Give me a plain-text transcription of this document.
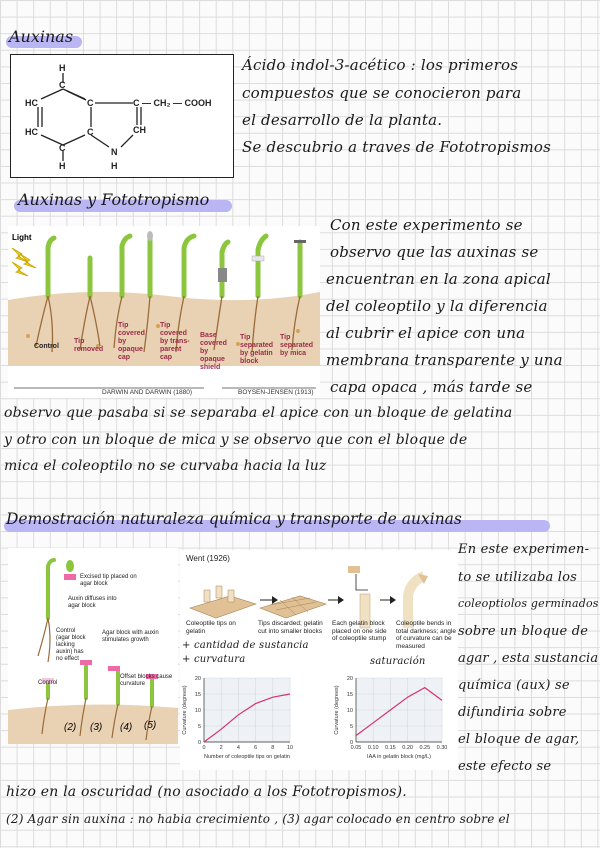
Auxinas
H
C
HC	C	C — CH₂ — COOH
HC	C	CH
C	N
H	H
Ácido indol-3-acético : los primeros
compuestos que se conocieron para
el desarrollo de la planta.
Se descubrio a traves de Fototropismos
Auxinas y Fototropismo
Light
Control
DARWIN AND DARWIN (1880)	BOYSEN-JENSEN (1913)
Tip removed
Tip covered by opaque cap
Tip covered by trans-parent cap
Base covered by opaque shield
Tip separated by gelatin block
Tip separated by mica
Con este experimento se
observo que las auxinas se
encuentran en la zona apical
del coleoptilo y la diferencia
al cubrir el apice con una
membrana transparente y una
capa opaca , más tarde se
observo que pasaba si se separaba el apice con un bloque de gelatina
y otro con un bloque de mica y se observo que con el bloque de
mica el coleoptilo no se curvaba hacia la luz
Demostración naturaleza química y transporte de auxinas
(2) (3) (4) (5)
Excised tip placed on agar block
Auxin diffuses into agar block
Control (agar block lacking auxin) has no effect
Agar block with auxin stimulates growth
Control
Offset blocks cause curvature
Went (1926)
Coleoptile tips on gelatin
Tips discarded; gelatin cut into smaller blocks
Each gelatin block placed on one side of coleoptile stump
Coleoptile bends in total darkness; angle of curvature can be measured
+ cantidad de sustancia
+ curvatura	saturación
0
5
10
15
20
0	2	4	6	8 10
Number of coleoptile tips on gelatin
Curvature (degrees)
0
5
10
15
20
0.05 0.10 0.15 0.20 0.25 0.30
IAA in gelatin block (mg/L)
Curvature (degrees)
En este experimen-
to se utilizaba los
coleoptiolos germinados
sobre un bloque de
agar , esta sustancia
química (aux) se
difundiria sobre
el bloque de agar,
este efecto se
hizo en la oscuridad (no asociado a los Fototropismos).
(2) Agar sin auxina : no habia crecimiento , (3) agar colocado en centro sobre el
